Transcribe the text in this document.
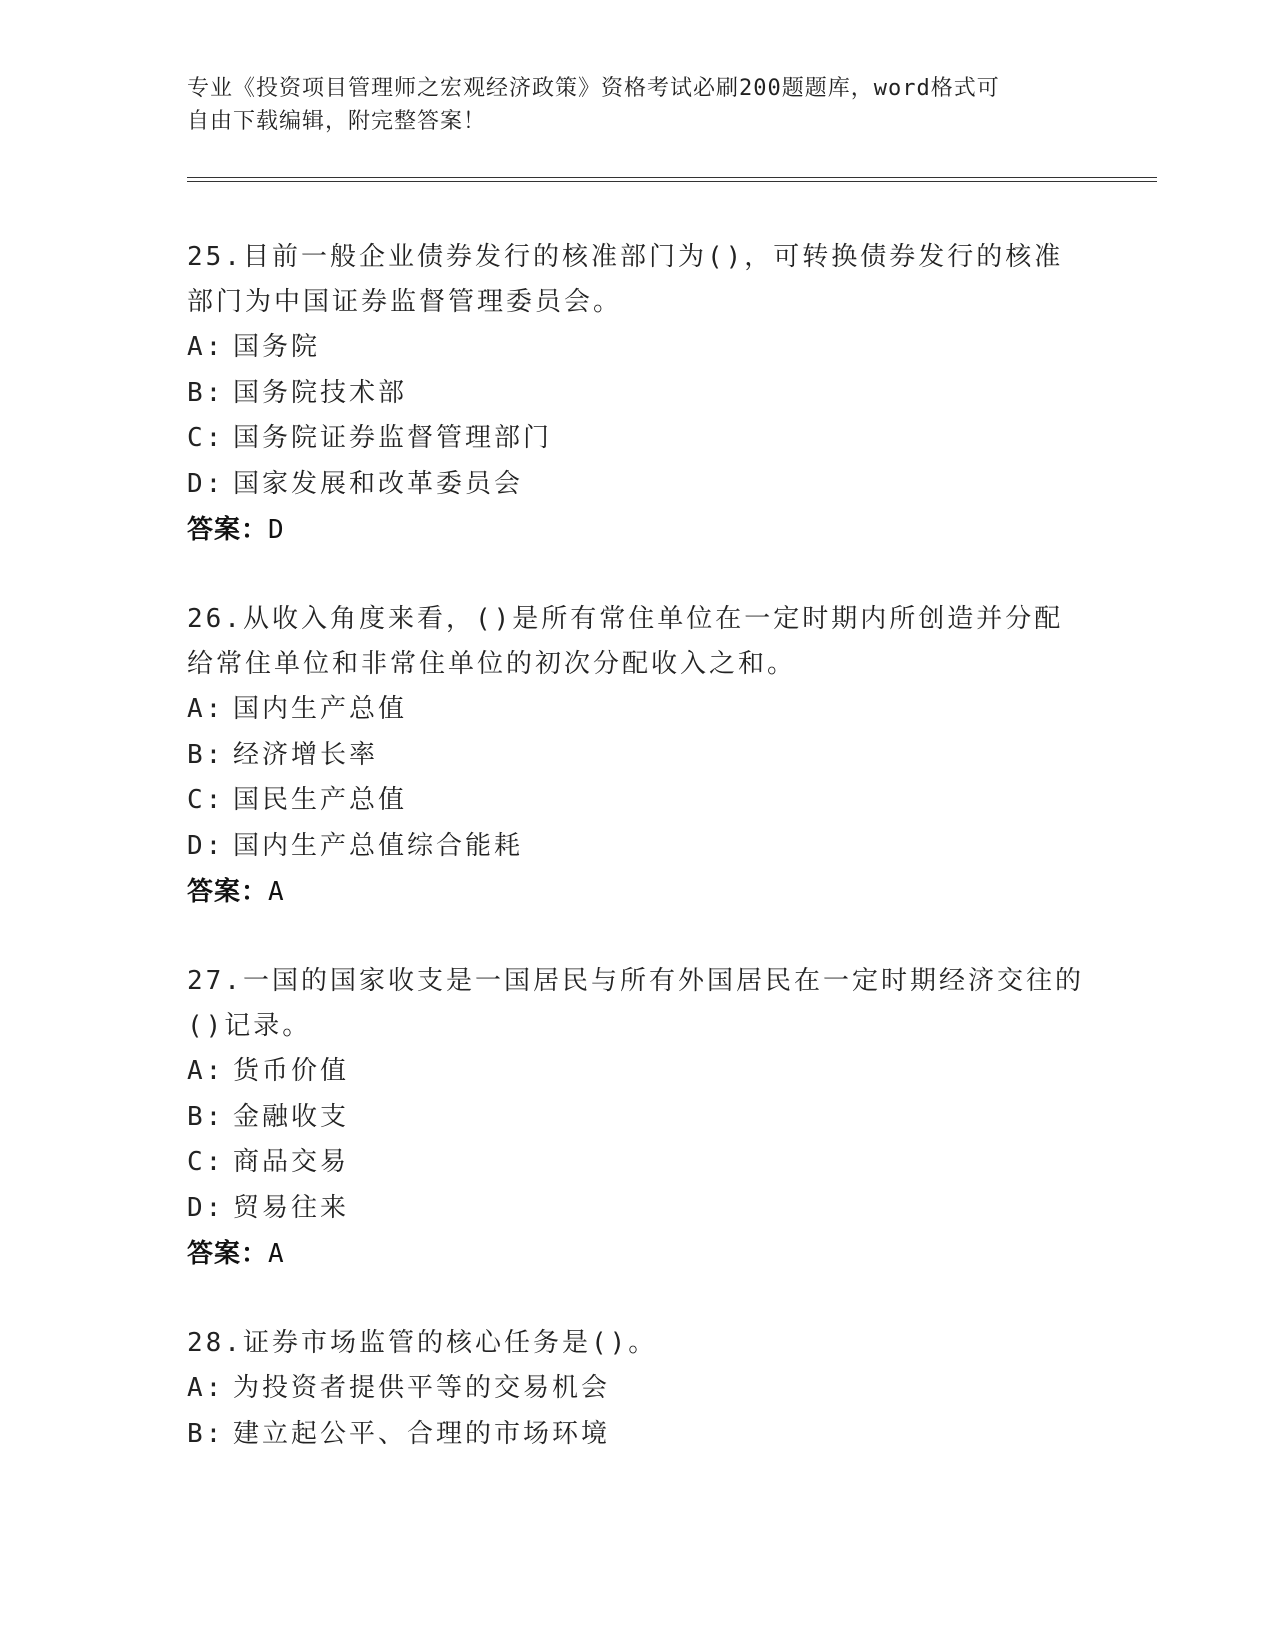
专业《投资项目管理师之宏观经济政策》资格考试必刷200题题库，word格式可
自由下载编辑，附完整答案！

25.目前一般企业债券发行的核准部门为()，可转换债券发行的核准部门为中国证券监督管理委员会。

A: 国务院
B: 国务院技术部
C: 国务院证券监督管理部门
D: 国家发展和改革委员会
答案：D

26.从收入角度来看，()是所有常住单位在一定时期内所创造并分配给常住单位和非常住单位的初次分配收入之和。

A: 国内生产总值
B: 经济增长率
C: 国民生产总值
D: 国内生产总值综合能耗
答案：A

27.一国的国家收支是一国居民与所有外国居民在一定时期经济交往的()记录。

A: 货币价值
B: 金融收支
C: 商品交易
D: 贸易往来
答案：A

28.证券市场监管的核心任务是()。

A: 为投资者提供平等的交易机会
B: 建立起公平、合理的市场环境
